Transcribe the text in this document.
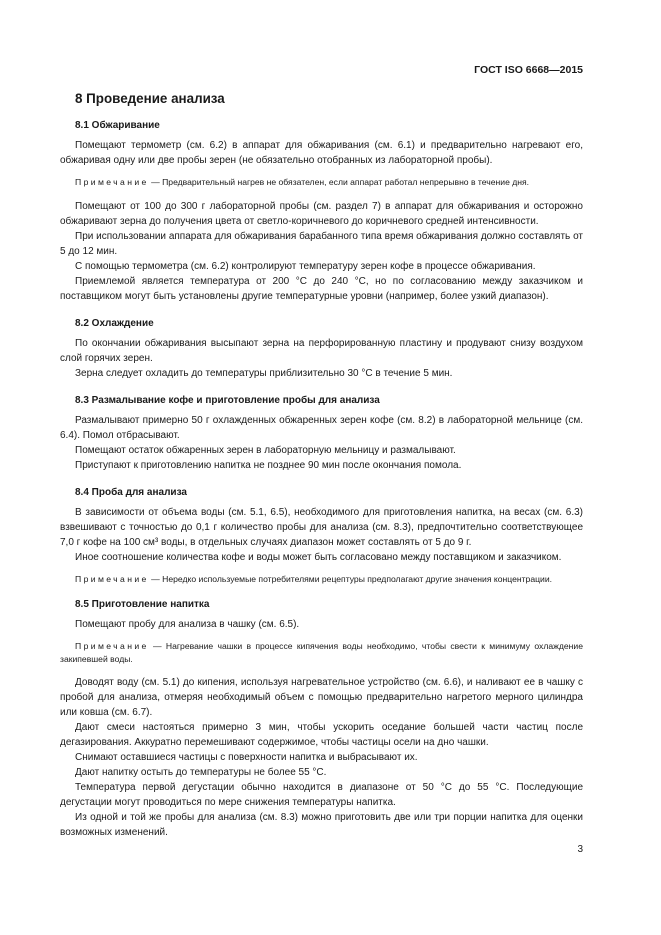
ГОСТ ISO 6668—2015
8 Проведение анализа
8.1 Обжаривание

Помещают термометр (см. 6.2) в аппарат для обжаривания (см. 6.1) и предварительно нагревают его, обжаривая одну или две пробы зерен (не обязательно отобранных из лабораторной пробы).

Примечание — Предварительный нагрев не обязателен, если аппарат работал непрерывно в течение дня.

Помещают от 100 до 300 г лабораторной пробы (см. раздел 7) в аппарат для обжаривания и осторожно обжаривают зерна до получения цвета от светло-коричневого до коричневого средней интенсивности.

При использовании аппарата для обжаривания барабанного типа время обжаривания должно составлять от 5 до 12 мин.

С помощью термометра (см. 6.2) контролируют температуру зерен кофе в процессе обжаривания.

Приемлемой является температура от 200 °С до 240 °С, но по согласованию между заказчиком и поставщиком могут быть установлены другие температурные уровни (например, более узкий диапазон).

8.2 Охлаждение

По окончании обжаривания высыпают зерна на перфорированную пластину и продувают снизу воздухом слой горячих зерен.

Зерна следует охладить до температуры приблизительно 30 °С в течение 5 мин.

8.3 Размалывание кофе и приготовление пробы для анализа

Размалывают примерно 50 г охлажденных обжаренных зерен кофе (см. 8.2) в лабораторной мельнице (см. 6.4). Помол отбрасывают.

Помещают остаток обжаренных зерен в лабораторную мельницу и размалывают.

Приступают к приготовлению напитка не позднее 90 мин после окончания помола.

8.4 Проба для анализа

В зависимости от объема воды (см. 5.1, 6.5), необходимого для приготовления напитка, на весах (см. 6.3) взвешивают с точностью до 0,1 г количество пробы для анализа (см. 8.3), предпочтительно соответствующее 7,0 г кофе на 100 см³ воды, в отдельных случаях диапазон может составлять от 5 до 9 г.

Иное соотношение количества кофе и воды может быть согласовано между поставщиком и заказчиком.

Примечание — Нередко используемые потребителями рецептуры предполагают другие значения концентрации.
8.5 Приготовление напитка

Помещают пробу для анализа в чашку (см. 6.5).

Примечание — Нагревание чашки в процессе кипячения воды необходимо, чтобы свести к минимуму охлаждение закипевшей воды.

Доводят воду (см. 5.1) до кипения, используя нагревательное устройство (см. 6.6), и наливают ее в чашку с пробой для анализа, отмеряя необходимый объем с помощью предварительно нагретого мерного цилиндра или ковша (см. 6.7).

Дают смеси настояться примерно 3 мин, чтобы ускорить оседание большей части частиц после дегазирования. Аккуратно перемешивают содержимое, чтобы частицы осели на дно чашки.

Снимают оставшиеся частицы с поверхности напитка и выбрасывают их.

Дают напитку остыть до температуры не более 55 °С.

Температура первой дегустации обычно находится в диапазоне от 50 °С до 55 °С. Последующие дегустации могут проводиться по мере снижения температуры напитка.

Из одной и той же пробы для анализа (см. 8.3) можно приготовить две или три порции напитка для оценки возможных изменений.

3
